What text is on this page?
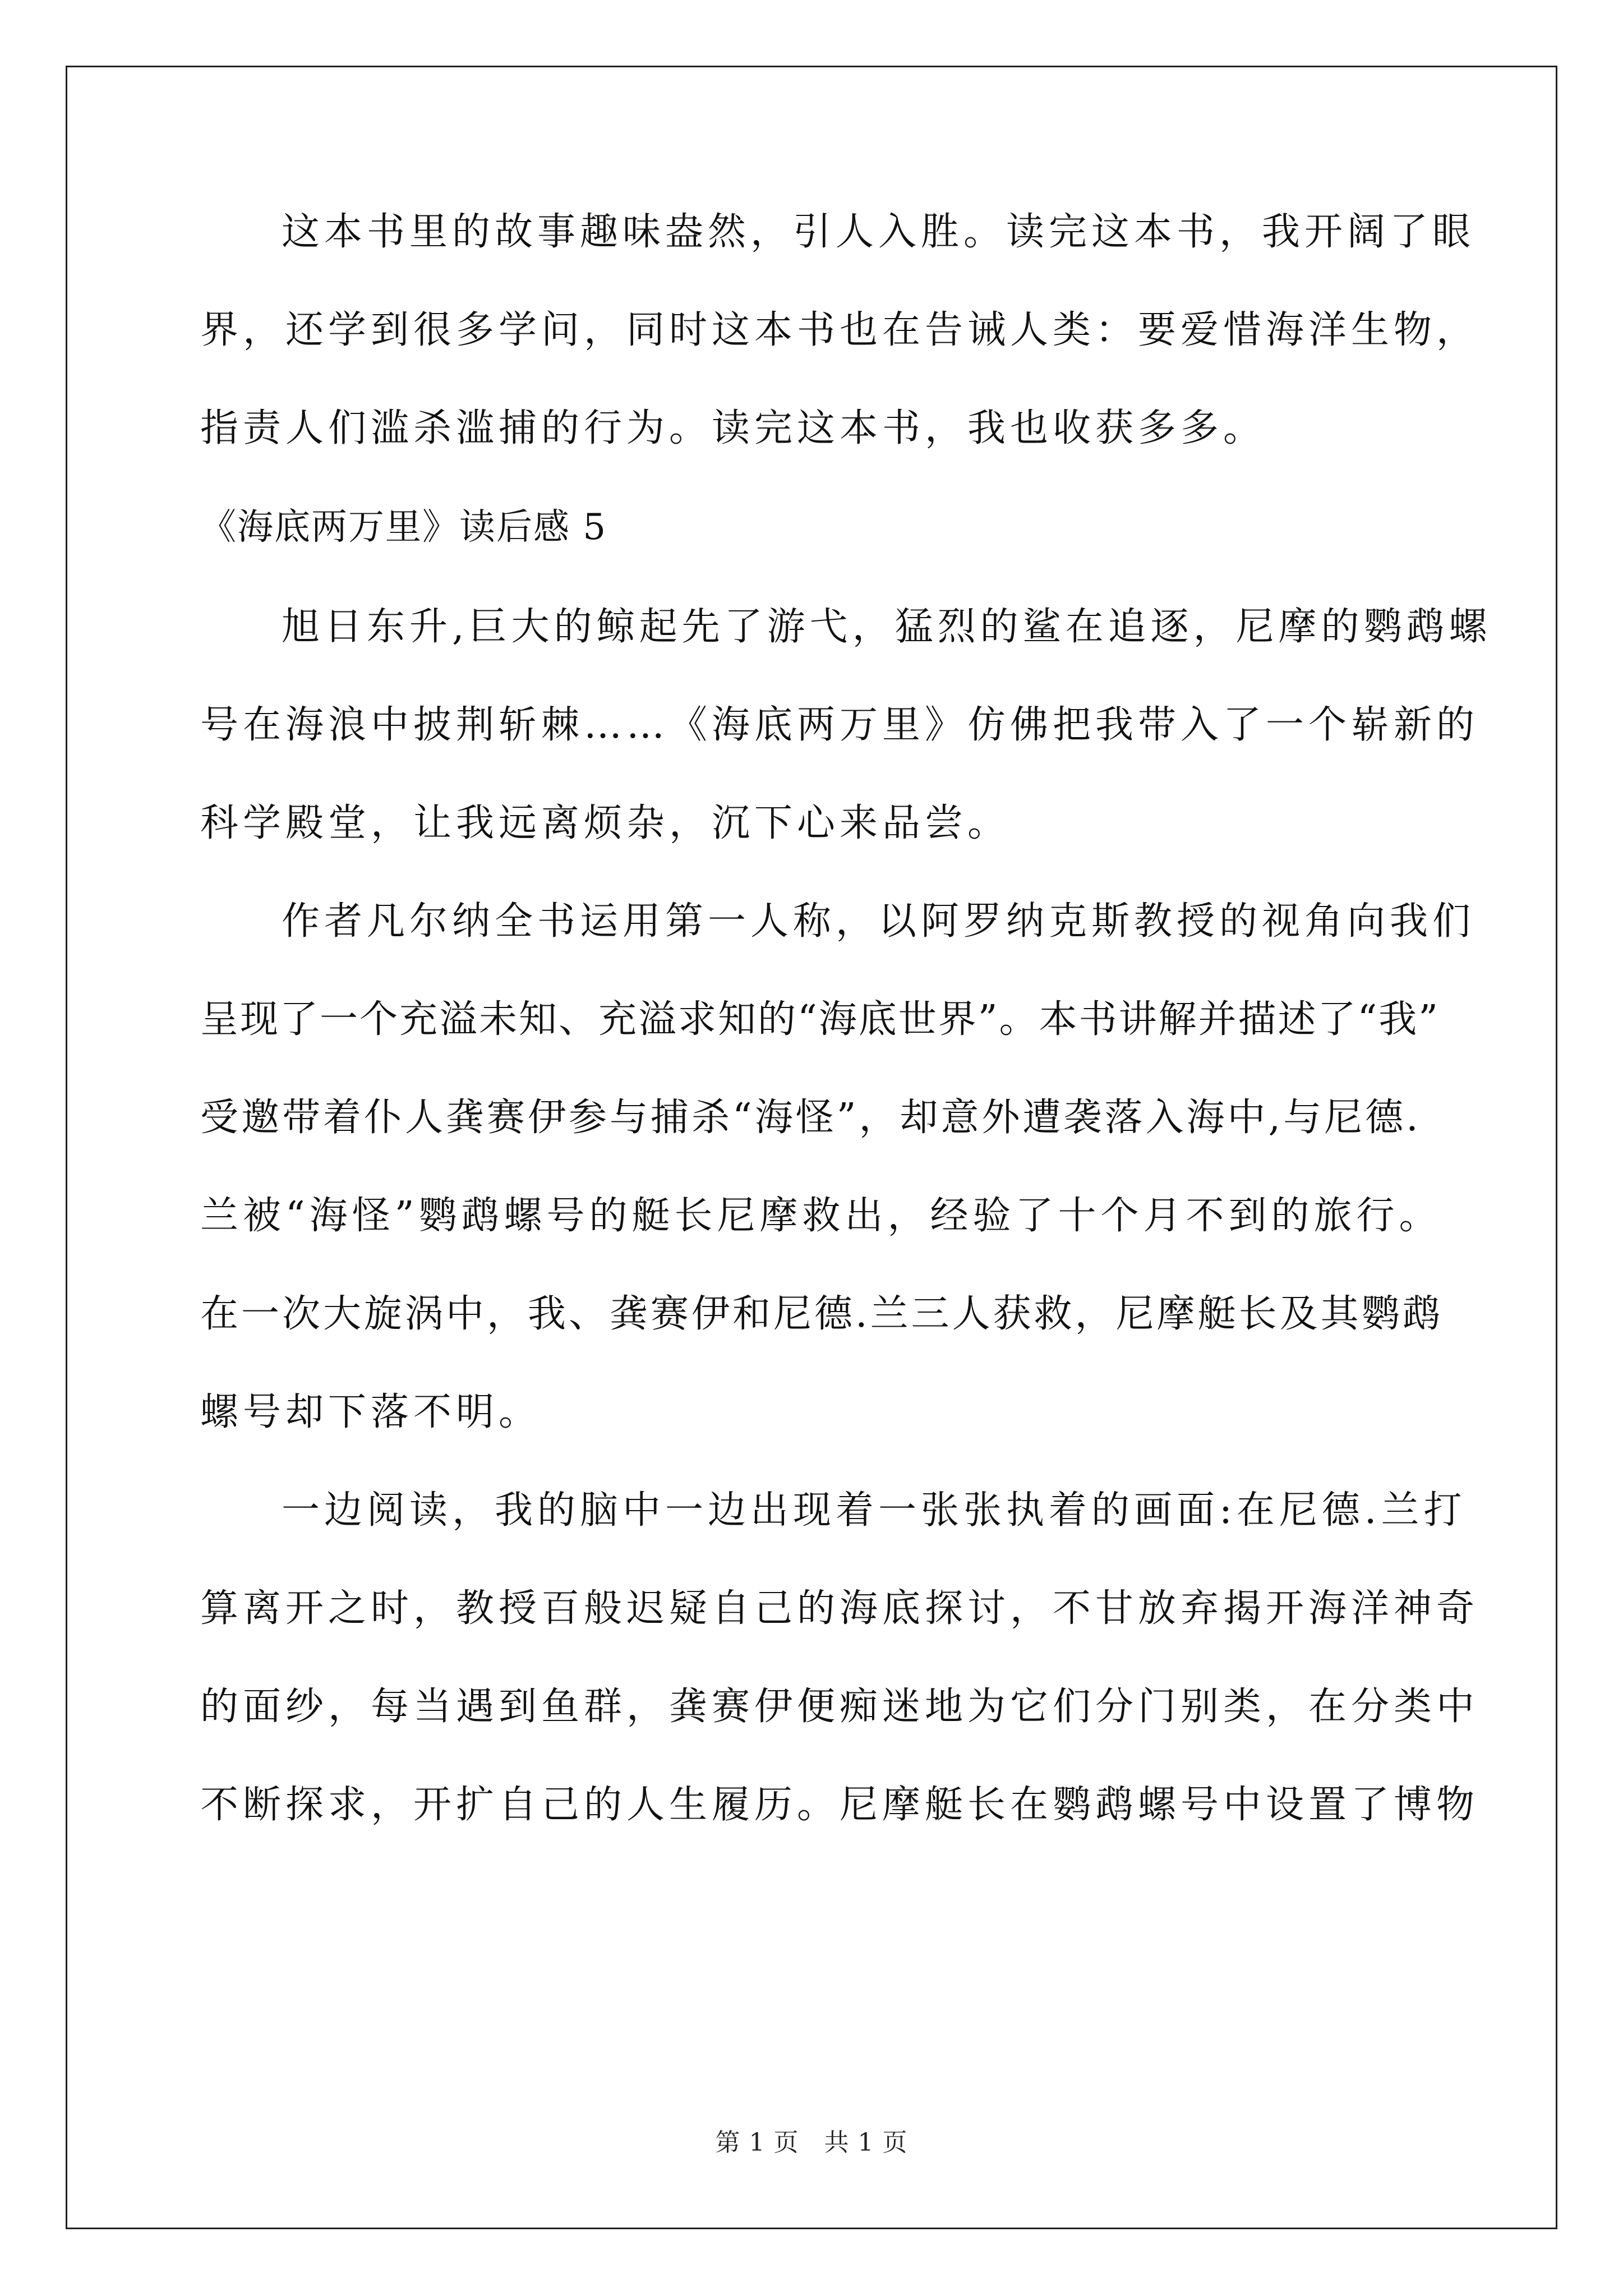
这本书里的故事趣味盎然，引人入胜。读完这本书，我开阔了眼
界，还学到很多学问，同时这本书也在告诫人类：要爱惜海洋生物，
指责人们滥杀滥捕的行为。读完这本书，我也收获多多。
《海底两万里》读后感 5
旭日东升,巨大的鲸起先了游弋，猛烈的鲨在追逐，尼摩的鹦鹉螺
号在海浪中披荆斩棘……《海底两万里》仿佛把我带入了一个崭新的
科学殿堂，让我远离烦杂，沉下心来品尝。
作者凡尔纳全书运用第一人称，以阿罗纳克斯教授的视角向我们
呈现了一个充溢未知、充溢求知的“海底世界”。本书讲解并描述了“我”
受邀带着仆人龚赛伊参与捕杀“海怪”，却意外遭袭落入海中,与尼德.
兰被“海怪”鹦鹉螺号的艇长尼摩救出，经验了十个月不到的旅行。
在一次大旋涡中，我、龚赛伊和尼德.兰三人获救，尼摩艇长及其鹦鹉
螺号却下落不明。
一边阅读，我的脑中一边出现着一张张执着的画面:在尼德.兰打
算离开之时，教授百般迟疑自己的海底探讨，不甘放弃揭开海洋神奇
的面纱，每当遇到鱼群，龚赛伊便痴迷地为它们分门别类，在分类中
不断探求，开扩自己的人生履历。尼摩艇长在鹦鹉螺号中设置了博物
第 1 页　共 1 页
